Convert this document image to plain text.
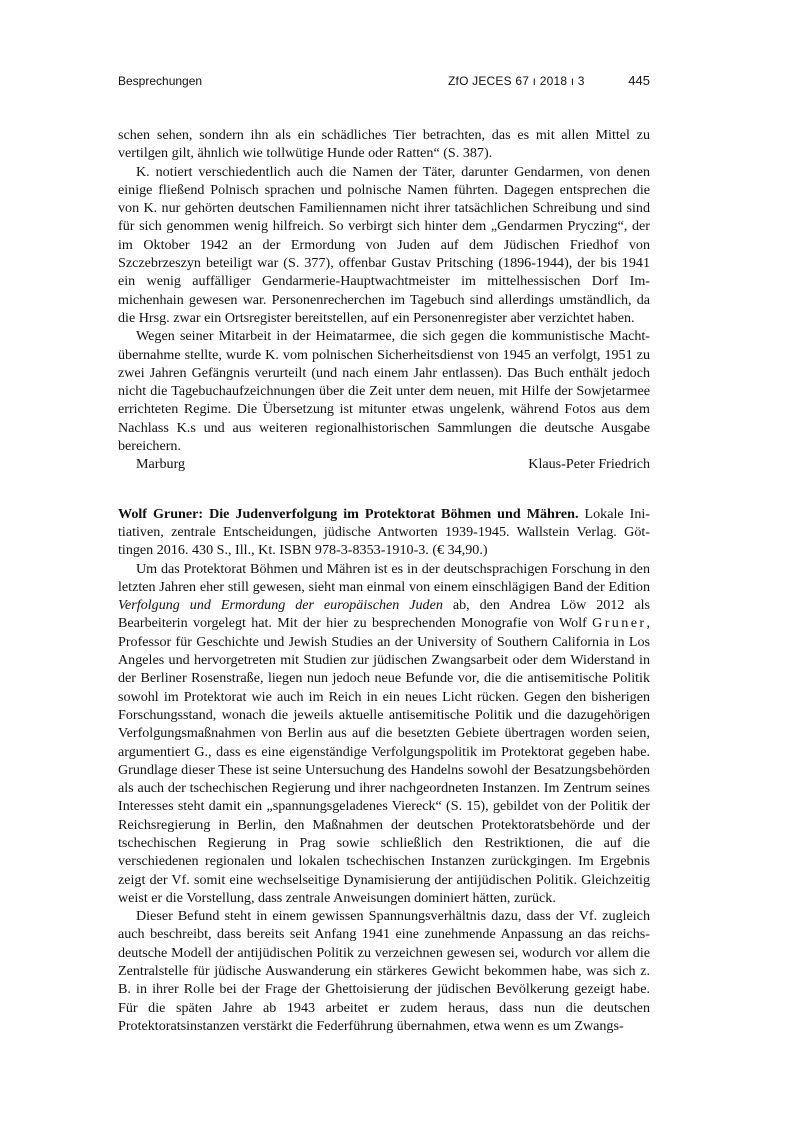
Besprechungen	ZfO JECES 67 ı 2018 ı 3	445

schen sehen, sondern ihn als ein schädliches Tier betrachten, das es mit allen Mittel zu vertilgen gilt, ähnlich wie tollwütige Hunde oder Ratten“ (S. 387).

K. notiert verschiedentlich auch die Namen der Täter, darunter Gendarmen, von denen einige fließend Polnisch sprachen und polnische Namen führten. Dagegen entsprechen die von K. nur gehörten deutschen Familiennamen nicht ihrer tatsächlichen Schreibung und sind für sich genommen wenig hilfreich. So verbirgt sich hinter dem „Gendarmen Pryczing“, der im Oktober 1942 an der Ermordung von Juden auf dem Jüdischen Friedhof von Szczebrzeszyn beteiligt war (S. 377), offenbar Gustav Pritsching (1896-1944), der bis 1941 ein wenig auffälliger Gendarmerie-Hauptwachtmeister im mittelhessischen Dorf Immichenhain gewesen war. Personenrecherchen im Tagebuch sind allerdings umständlich, da die Hrsg. zwar ein Ortsregister bereitstellen, auf ein Personenregister aber verzichtet haben.

Wegen seiner Mitarbeit in der Heimatarmee, die sich gegen die kommunistische Machtübernahme stellte, wurde K. vom polnischen Sicherheitsdienst von 1945 an verfolgt, 1951 zu zwei Jahren Gefängnis verurteilt (und nach einem Jahr entlassen). Das Buch enthält jedoch nicht die Tagebuchaufzeichnungen über die Zeit unter dem neuen, mit Hilfe der Sowjetarmee errichteten Regime. Die Übersetzung ist mitunter etwas ungelenk, während Fotos aus dem Nachlass K.s und aus weiteren regionalhistorischen Sammlungen die deutsche Ausgabe bereichern.

Marburg	Klaus-Peter Friedrich

Wolf Gruner: Die Judenverfolgung im Protektorat Böhmen und Mähren. Lokale Initiativen, zentrale Entscheidungen, jüdische Antworten 1939-1945. Wallstein Verlag. Göttingen 2016. 430 S., Ill., Kt. ISBN 978-3-8353-1910-3. (€ 34,90.)

Um das Protektorat Böhmen und Mähren ist es in der deutschsprachigen Forschung in den letzten Jahren eher still gewesen, sieht man einmal von einem einschlägigen Band der Edition Verfolgung und Ermordung der europäischen Juden ab, den Andrea Löw 2012 als Bearbeiterin vorgelegt hat. Mit der hier zu besprechenden Monografie von Wolf Gruner, Professor für Geschichte und Jewish Studies an der University of Southern California in Los Angeles und hervorgetreten mit Studien zur jüdischen Zwangsarbeit oder dem Widerstand in der Berliner Rosenstraße, liegen nun jedoch neue Befunde vor, die die antisemitische Politik sowohl im Protektorat wie auch im Reich in ein neues Licht rücken. Gegen den bisherigen Forschungsstand, wonach die jeweils aktuelle antisemitische Politik und die dazugehörigen Verfolgungsmaßnahmen von Berlin aus auf die besetzten Gebiete übertragen worden seien, argumentiert G., dass es eine eigenständige Verfolgungspolitik im Protektorat gegeben habe. Grundlage dieser These ist seine Untersuchung des Handelns sowohl der Besatzungsbehörden als auch der tschechischen Regierung und ihrer nachgeordneten Instanzen. Im Zentrum seines Interesses steht damit ein „spannungsgeladenes Viereck“ (S. 15), gebildet von der Politik der Reichsregierung in Berlin, den Maßnahmen der deutschen Protektoratsbehörde und der tschechischen Regierung in Prag sowie schließlich den Restriktionen, die auf die verschiedenen regionalen und lokalen tschechischen Instanzen zurückgingen. Im Ergebnis zeigt der Vf. somit eine wechselseitige Dynamisierung der antijüdischen Politik. Gleichzeitig weist er die Vorstellung, dass zentrale Anweisungen dominiert hätten, zurück.

Dieser Befund steht in einem gewissen Spannungsverhältnis dazu, dass der Vf. zugleich auch beschreibt, dass bereits seit Anfang 1941 eine zunehmende Anpassung an das reichsdeutsche Modell der antijüdischen Politik zu verzeichnen gewesen sei, wodurch vor allem die Zentralstelle für jüdische Auswanderung ein stärkeres Gewicht bekommen habe, was sich z. B. in ihrer Rolle bei der Frage der Ghettoisierung der jüdischen Bevölkerung gezeigt habe. Für die späten Jahre ab 1943 arbeitet er zudem heraus, dass nun die deutschen Protektoratsinstanzen verstärkt die Federführung übernahmen, etwa wenn es um Zwangs-
